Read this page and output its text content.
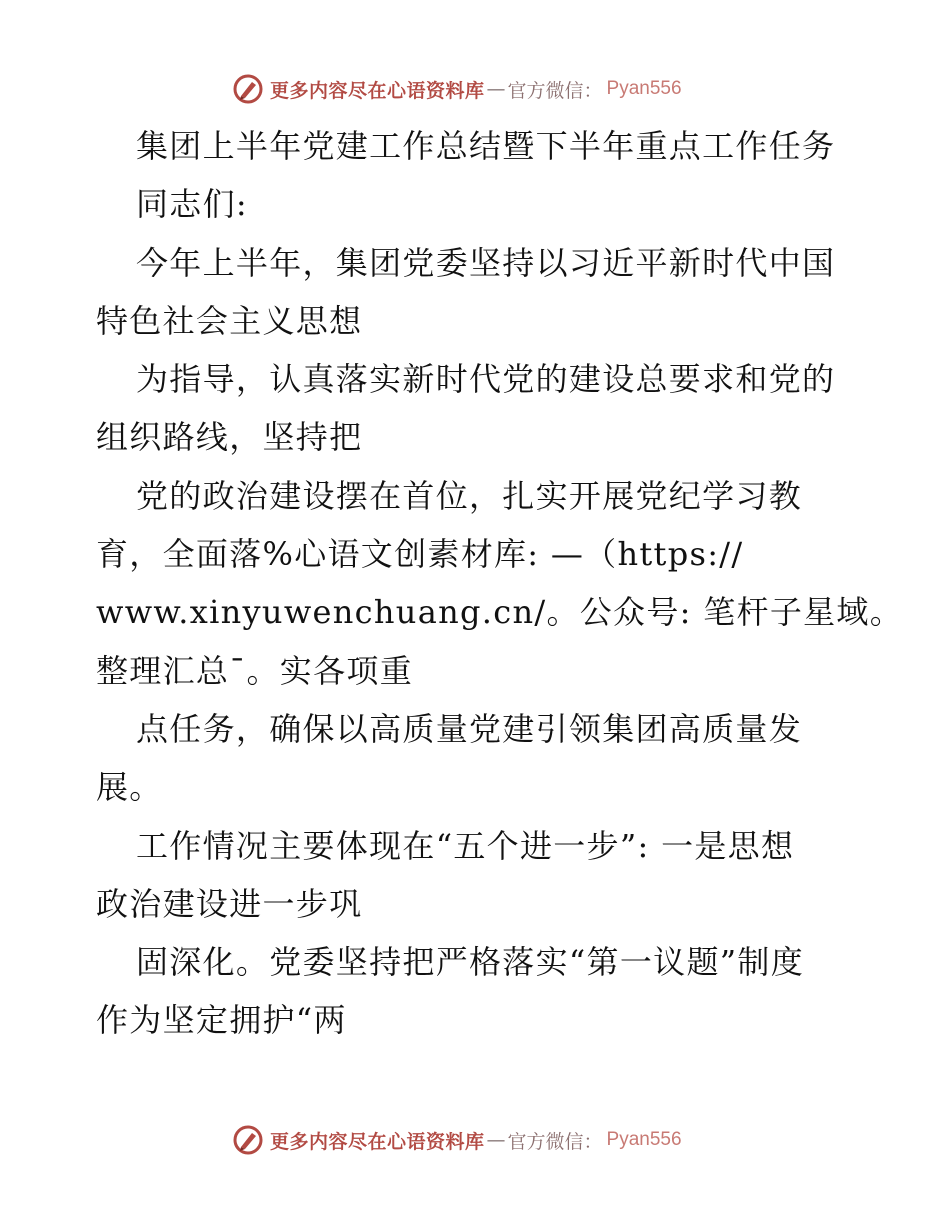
更多内容尽在心语资料库 — 官方微信： Pyan556
集团上半年党建工作总结暨下半年重点工作任务
同志们:
今年上半年，集团党委坚持以习近平新时代中国
特色社会主义思想
为指导，认真落实新时代党的建设总要求和党的
组织路线，坚持把
党的政治建设摆在首位，扎实开展党纪学习教
育，全面落%心语文创素材库: —（https://
www.xinyuwenchuang.cn/。公众号: 笔杆子星域。
整理汇总¯。实各项重
点任务，确保以高质量党建引领集团高质量发
展。
工作情况主要体现在“五个进一步”: 一是思想
政治建设进一步巩
固深化。党委坚持把严格落实“第一议题”制度
作为坚定拥护“两
更多内容尽在心语资料库 — 官方微信： Pyan556
